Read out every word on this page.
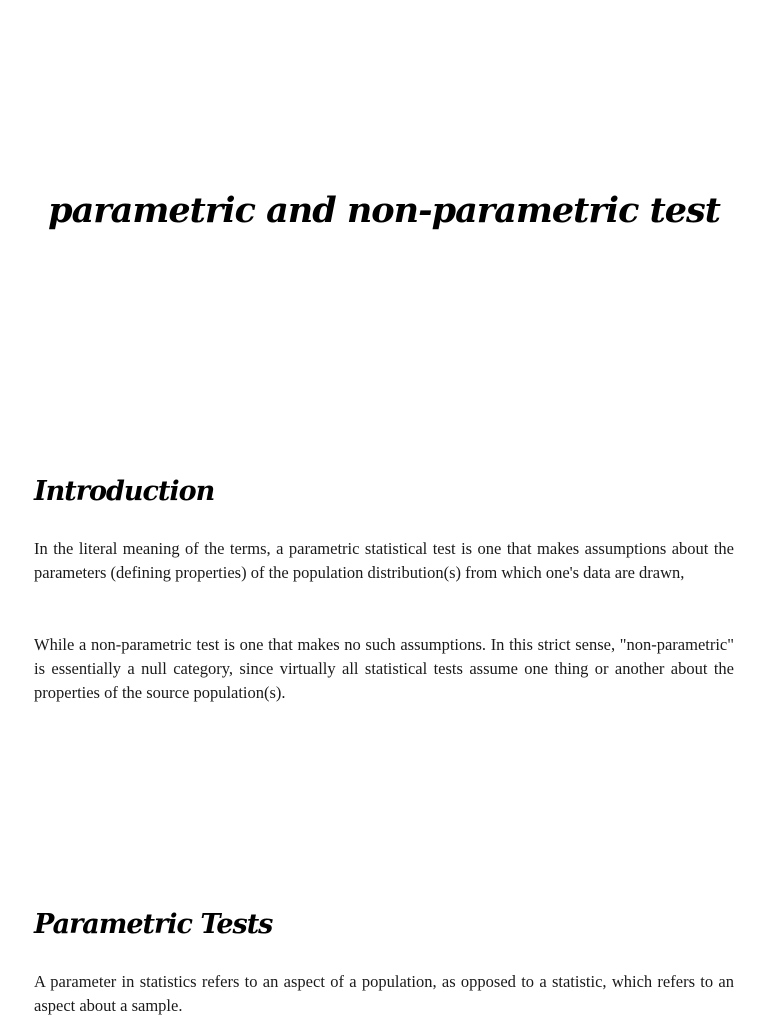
parametric and non-parametric test
Introduction

In the literal meaning of the terms, a parametric statistical test is one that makes assumptions about the parameters (defining properties) of the population distribution(s) from which one's data are drawn,

While a non-parametric test is one that makes no such assumptions. In this strict sense, "non-parametric" is essentially a null category, since virtually all statistical tests assume one thing or another about the properties of the source population(s).

Parametric Tests

A parameter in statistics refers to an aspect of a population, as opposed to a statistic, which refers to an aspect about a sample.
